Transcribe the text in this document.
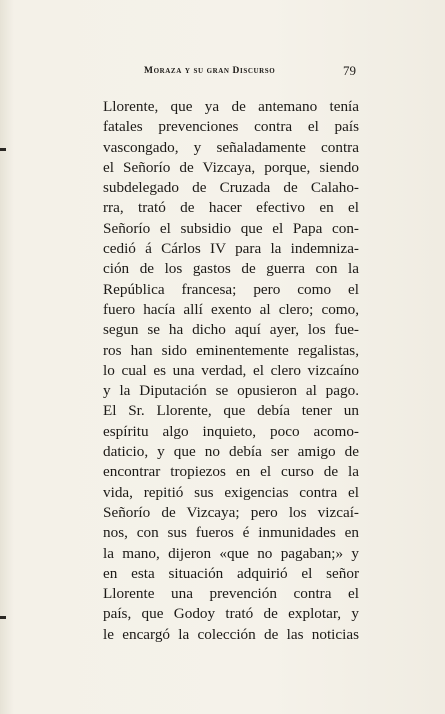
Moraza y su gran Discurso	79
Llorente, que ya de antemano tenía
fatales prevenciones contra el país
vascongado, y señaladamente contra
el Señorío de Vizcaya, porque, siendo
subdelegado de Cruzada de Calaho-
rra, trató de hacer efectivo en el
Señorío el subsidio que el Papa con-
cedió á Cárlos IV para la indemniza-
ción de los gastos de guerra con la
República francesa; pero como el
fuero hacía allí exento al clero; como,
segun se ha dicho aquí ayer, los fue-
ros han sido eminentemente regalistas,
lo cual es una verdad, el clero vizcaíno
y la Diputación se opusieron al pago.
El Sr. Llorente, que debía tener un
espíritu algo inquieto, poco acomo-
daticio, y que no debía ser amigo de
encontrar tropiezos en el curso de la
vida, repitió sus exigencias contra el
Señorío de Vizcaya; pero los vizcaí-
nos, con sus fueros é inmunidades en
la mano, dijeron «que no pagaban;» y
en esta situación adquirió el señor
Llorente una prevención contra el
país, que Godoy trató de explotar, y
le encargó la colección de las noticias
